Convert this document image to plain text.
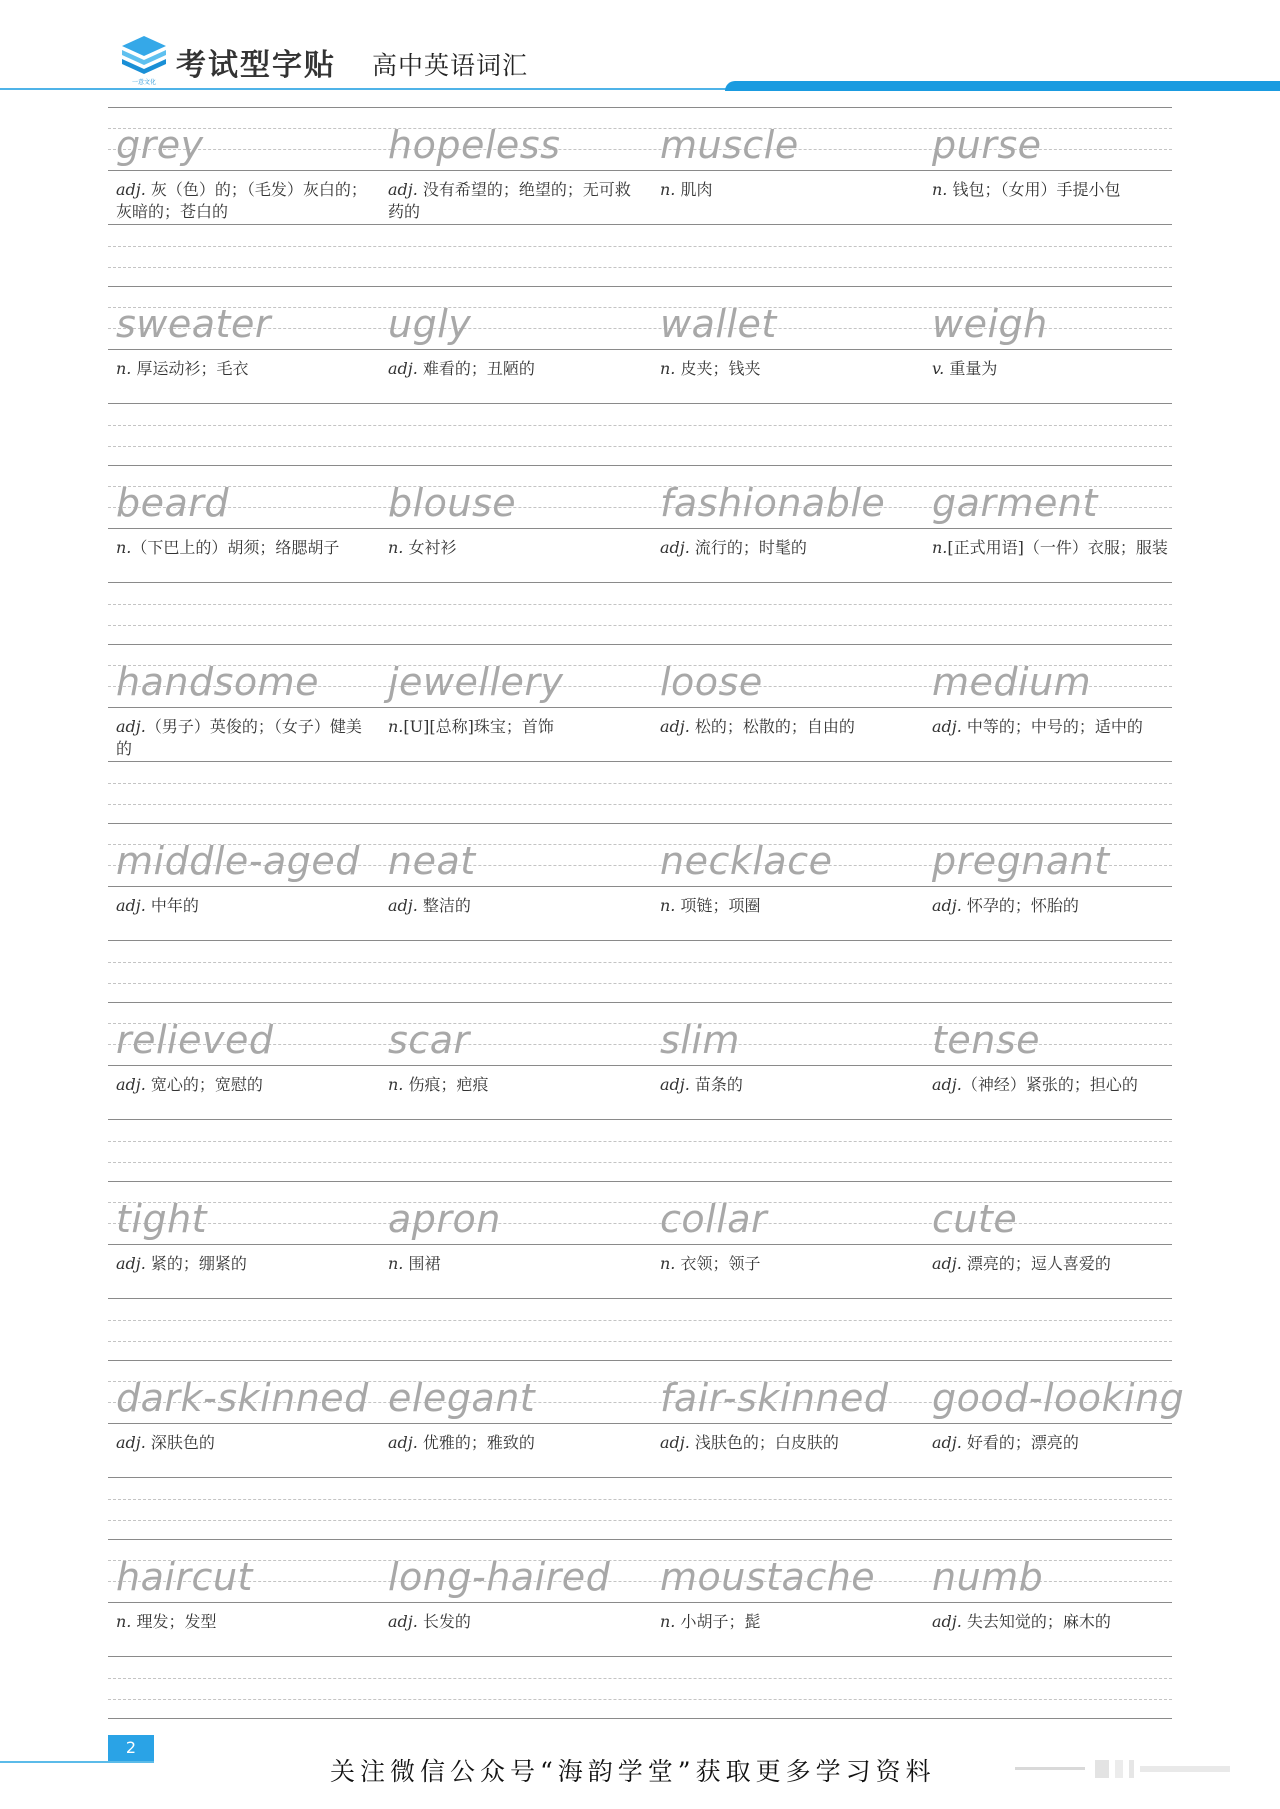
一意文化 考试型字贴 高中英语词汇
grey
adj. 灰（色）的；（毛发）灰白的；灰暗的；苍白的
hopeless
adj. 没有希望的；绝望的；无可救药的
muscle
n. 肌肉
purse
n. 钱包；（女用）手提小包
sweater
n. 厚运动衫；毛衣
ugly
adj. 难看的；丑陋的
wallet
n. 皮夹；钱夹
weigh
v. 重量为
beard
n.（下巴上的）胡须；络腮胡子
blouse
n. 女衬衫
fashionable
adj. 流行的；时髦的
garment
n.[正式用语]（一件）衣服；服装
handsome
adj.（男子）英俊的；（女子）健美的
jewellery
n.[U][总称]珠宝；首饰
loose
adj. 松的；松散的；自由的
medium
adj. 中等的；中号的；适中的
middle-aged
adj. 中年的
neat
adj. 整洁的
necklace
n. 项链；项圈
pregnant
adj. 怀孕的；怀胎的
relieved
adj. 宽心的；宽慰的
scar
n. 伤痕；疤痕
slim
adj. 苗条的
tense
adj.（神经）紧张的；担心的
tight
adj. 紧的；绷紧的
apron
n. 围裙
collar
n. 衣领；领子
cute
adj. 漂亮的；逗人喜爱的
dark-skinned
adj. 深肤色的
elegant
adj. 优雅的；雅致的
fair-skinned
adj. 浅肤色的；白皮肤的
good-looking
adj. 好看的；漂亮的
haircut
n. 理发；发型
long-haired
adj. 长发的
moustache
n. 小胡子；髭
numb
adj. 失去知觉的；麻木的
2
关注微信公众号“海韵学堂”获取更多学习资料
